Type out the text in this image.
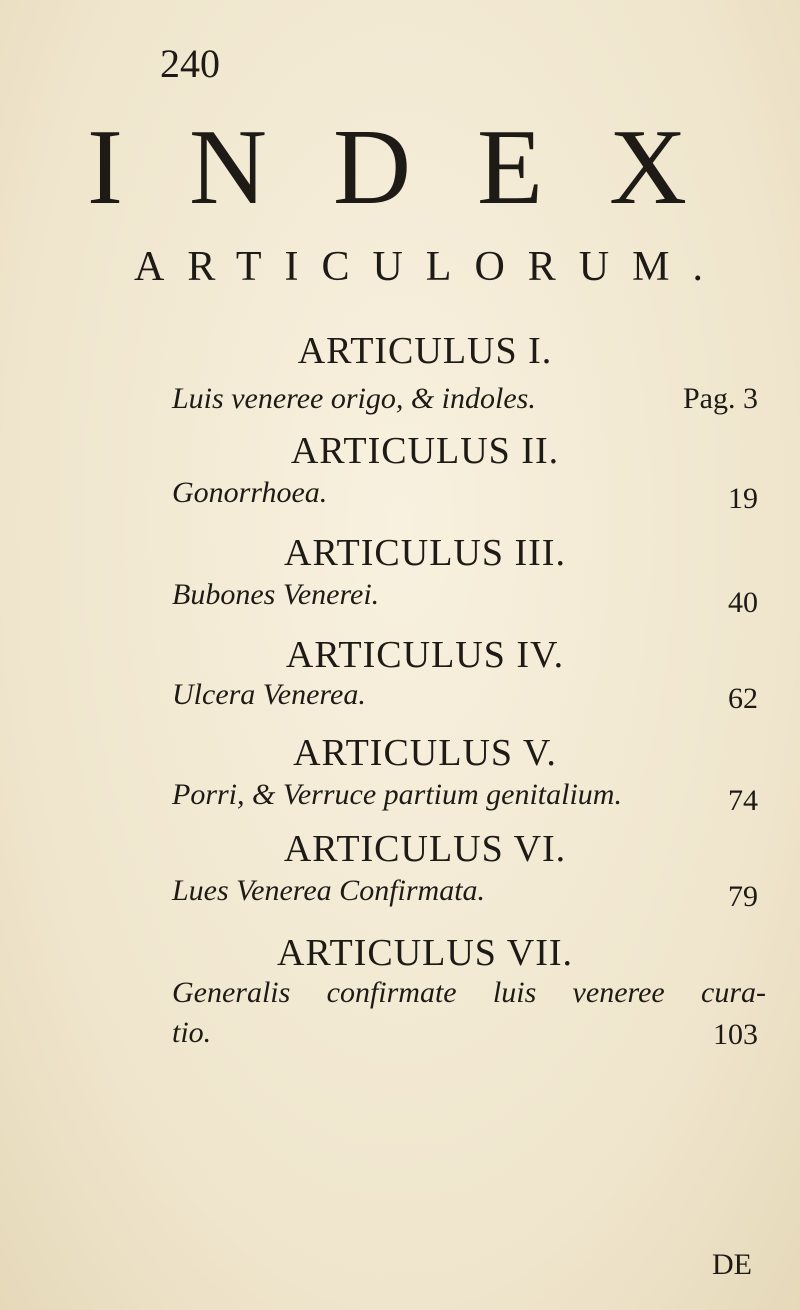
240
INDEX
ARTICULORUM.
ARTICULUS I.
Luis veneree origo, & indoles.	Pag. 3
ARTICULUS II.
Gonorrhoea.	19
ARTICULUS III.
Bubones Venerei.	40
ARTICULUS IV.
Ulcera Venerea.	62
ARTICULUS V.
Porri, & Verruce partium genitalium.	74
ARTICULUS VI.
Lues Venerea Confirmata.	79
ARTICULUS VII.
Generalis confirmate luis veneree cura-
tio.	103
DE
